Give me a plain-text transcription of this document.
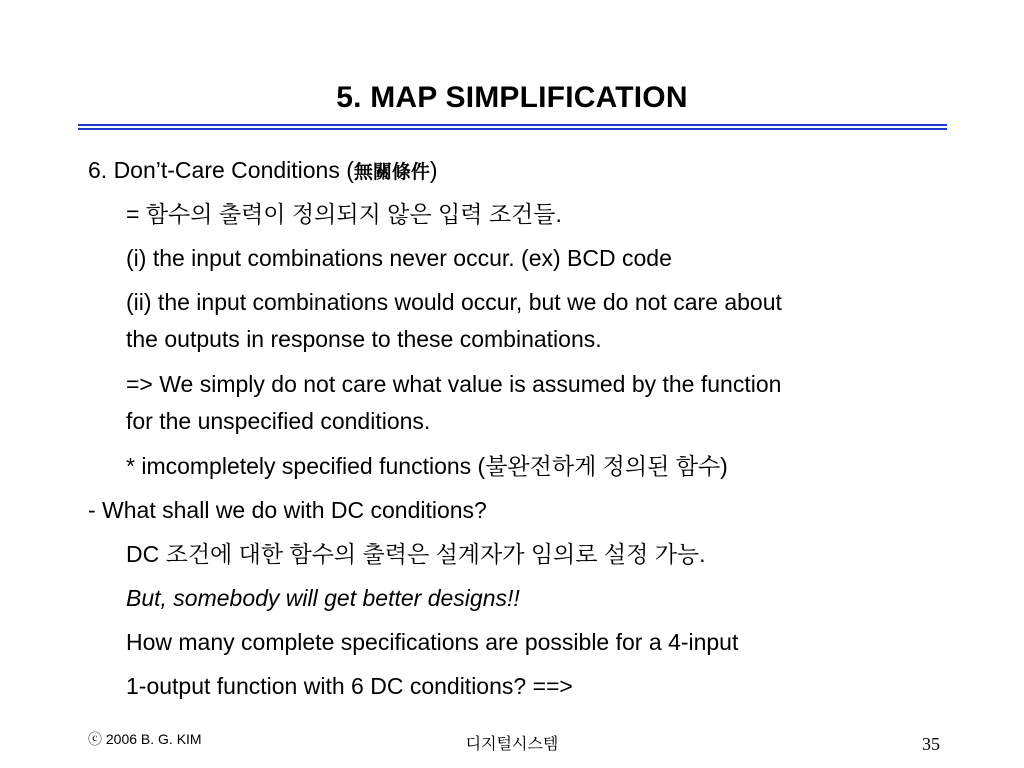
5. MAP SIMPLIFICATION
6. Don’t-Care Conditions (無關條件)
= 함수의 출력이 정의되지 않은 입력 조건들.
(i) the input combinations never occur. (ex) BCD code
(ii) the input combinations would occur, but we do not care about
the outputs in response to these combinations.
=> We simply do not care what value is assumed by the function
for the unspecified conditions.
* imcompletely specified functions (불완전하게 정의된 함수)
- What shall we do with DC conditions?
DC 조건에 대한 함수의 출력은 설계자가 임의로 설정 가능.
But, somebody will get better designs!!
How many complete specifications are possible for a 4-input
1-output function with 6 DC conditions? ==>
ⓒ 2006 B. G. KIM	디지털시스템	35
